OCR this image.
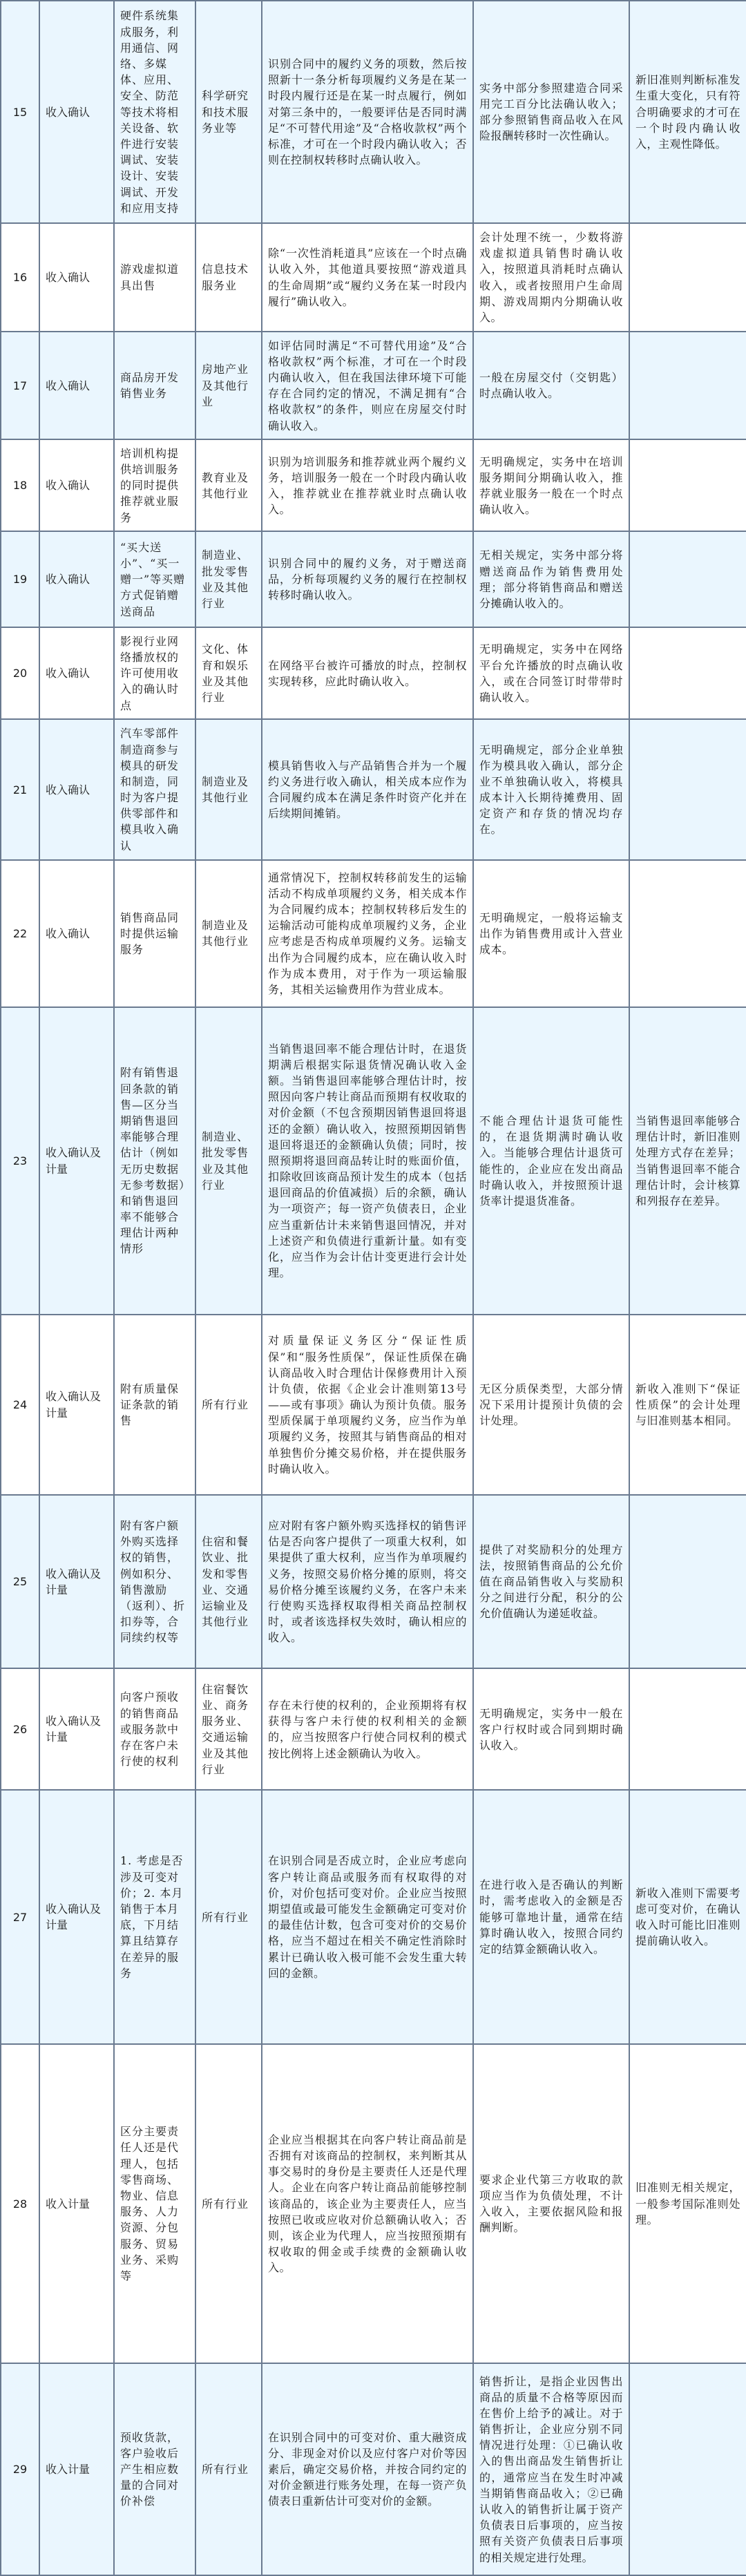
15	收入确认	硬件系统集成服务，利用通信、网络、多媒体、应用、安全、防范等技术将相关设备、软件进行安装调试、安装设计、安装调试、开发和应用支持	科学研究和技术服务业等	识别合同中的履约义务的项数，然后按照新十一条分析每项履约义务是在某一时段内履行还是在某一时点履行，例如对第三条中的，一般要评估是否同时满足“不可替代用途”及“合格收款权”两个标准，才可在一个时段内确认收入；否则在控制权转移时点确认收入。	实务中部分参照建造合同采用完工百分比法确认收入；部分参照销售商品收入在风险报酬转移时一次性确认。	新旧准则判断标准发生重大变化，只有符合明确要求的才可在一个时段内确认收入，主观性降低。
16	收入确认	游戏虚拟道具出售	信息技术服务业	除“一次性消耗道具”应该在一个时点确认收入外，其他道具要按照“游戏道具的生命周期”或“履约义务在某一时段内履行”确认收入。	会计处理不统一，少数将游戏虚拟道具销售时确认收入，按照道具消耗时点确认收入，或者按照用户生命周期、游戏周期内分期确认收入。	
17	收入确认	商品房开发销售业务	房地产业及其他行业	如评估同时满足“不可替代用途”及“合格收款权”两个标准，才可在一个时段内确认收入，但在我国法律环境下可能存在合同约定的情况，不满足拥有“合格收款权”的条件，则应在房屋交付时确认收入。	一般在房屋交付（交钥匙）时点确认收入。	
18	收入确认	培训机构提供培训服务的同时提供推荐就业服务	教育业及其他行业	识别为培训服务和推荐就业两个履约义务，培训服务一般在一个时段内确认收入，推荐就业在推荐就业时点确认收入。	无明确规定，实务中在培训服务期间分期确认收入，推荐就业服务一般在一个时点确认收入。	
19	收入确认	“买大送小”、“买一赠一”等买赠方式促销赠送商品	制造业、批发零售业及其他行业	识别合同中的履约义务，对于赠送商品，分析每项履约义务的履行在控制权转移时确认收入。	无相关规定，实务中部分将赠送商品作为销售费用处理；部分将销售商品和赠送分摊确认收入的。	
20	收入确认	影视行业网络播放权的许可使用收入的确认时点	文化、体育和娱乐业及其他行业	在网络平台被许可播放的时点，控制权实现转移，应此时确认收入。	无明确规定，实务中在网络平台允许播放的时点确认收入，或在合同签订时带带时确认收入。	
21	收入确认	汽车零部件制造商参与模具的研发和制造，同时为客户提供零部件和模具收入确认	制造业及其他行业	模具销售收入与产品销售合并为一个履约义务进行收入确认，相关成本应作为合同履约成本在满足条件时资产化并在后续期间摊销。	无明确规定，部分企业单独作为模具收入确认，部分企业不单独确认收入，将模具成本计入长期待摊费用、固定资产和存货的情况均存在。	
22	收入确认	销售商品同时提供运输服务	制造业及其他行业	通常情况下，控制权转移前发生的运输活动不构成单项履约义务，相关成本作为合同履约成本；控制权转移后发生的运输活动可能构成单项履约义务，企业应考虑是否构成单项履约义务。运输支出作为合同履约成本，应在确认收入时作为成本费用，对于作为一项运输服务，其相关运输费用作为营业成本。	无明确规定，一般将运输支出作为销售费用或计入营业成本。	
23	收入确认及计量	附有销售退回条款的销售—区分当期销售退回率能够合理估计（例如无历史数据无参考数据）和销售退回率不能够合理估计两种情形	制造业、批发零售业及其他行业	当销售退回率不能合理估计时，在退货期满后根据实际退货情况确认收入金额。当销售退回率能够合理估计时，按照因向客户转让商品而预期有权收取的对价金额（不包含预期因销售退回将退还的金额）确认收入，按照预期因销售退回将退还的金额确认负债；同时，按照预期将退回商品转让时的账面价值，扣除收回该商品预计发生的成本（包括退回商品的价值减损）后的余额，确认为一项资产；每一资产负债表日，企业应当重新估计未来销售退回情况，并对上述资产和负债进行重新计量。如有变化，应当作为会计估计变更进行会计处理。	不能合理估计退货可能性的，在退货期满时确认收入。当能够合理估计退货可能性的，企业应在发出商品时确认收入，并按照预计退货率计提退货准备。	当销售退回率能够合理估计时，新旧准则处理方式存在差异；当销售退回率不能合理估计时，会计核算和列报存在差异。
24	收入确认及计量	附有质量保证条款的销售	所有行业	对质量保证义务区分“保证性质保”和“服务性质保”，保证性质保在确认商品收入时合理估计保修费用计入预计负债，依据《企业会计准则第13号——或有事项》确认为预计负债。服务型质保属于单项履约义务，应当作为单项履约义务，按照其与销售商品的相对单独售价分摊交易价格，并在提供服务时确认收入。	无区分质保类型，大部分情况下采用计提预计负债的会计处理。	新收入准则下“保证性质保”的会计处理与旧准则基本相同。
25	收入确认及计量	附有客户额外购买选择权的销售，例如积分、销售激励（返利）、折扣券等，合同续约权等	住宿和餐饮业、批发和零售业、交通运输业及其他行业	应对附有客户额外购买选择权的销售评估是否向客户提供了一项重大权利，如果提供了重大权利，应当作为单项履约义务，按照交易价格分摊的原则，将交易价格分摊至该履约义务，在客户未来行使购买选择权取得相关商品控制权时，或者该选择权失效时，确认相应的收入。	提供了对奖励积分的处理方法，按照销售商品的公允价值在商品销售收入与奖励积分之间进行分配，积分的公允价值确认为递延收益。	
26	收入确认及计量	向客户预收的销售商品或服务款中存在客户未行使的权利	住宿餐饮业、商务服务业、交通运输业及其他行业	存在未行使的权利的，企业预期将有权获得与客户未行使的权利相关的金额的，应当按照客户行使合同权利的模式按比例将上述金额确认为收入。	无明确规定，实务中一般在客户行权时或合同到期时确认收入。	
27	收入确认及计量	1. 考虑是否涉及可变对价；2. 本月销售于本月底，下月结算且结算存在差异的服务	所有行业	在识别合同是否成立时，企业应考虑向客户转让商品或服务而有权取得的对价，对价包括可变对价。企业应当按照期望值或最可能发生金额确定可变对价的最佳估计数，包含可变对价的交易价格，应当不超过在相关不确定性消除时累计已确认收入极可能不会发生重大转回的金额。	在进行收入是否确认的判断时，需考虑收入的金额是否能够可靠地计量，通常在结算时确认收入，按照合同约定的结算金额确认收入。	新收入准则下需要考虑可变对价，在确认收入时可能比旧准则提前确认收入。
28	收入计量	区分主要责任人还是代理人，包括零售商场、物业、信息服务、人力资源、分包服务、贸易业务、采购等	所有行业	企业应当根据其在向客户转让商品前是否拥有对该商品的控制权，来判断其从事交易时的身份是主要责任人还是代理人。企业在向客户转让商品前能够控制该商品的，该企业为主要责任人，应当按照已收或应收对价总额确认收入；否则，该企业为代理人，应当按照预期有权收取的佣金或手续费的金额确认收入。	要求企业代第三方收取的款项应当作为负债处理，不计入收入，主要依据风险和报酬判断。	旧准则无相关规定，一般参考国际准则处理。
29	收入计量	预收货款，客户验收后产生相应数量的合同对价补偿	所有行业	在识别合同中的可变对价、重大融资成分、非现金对价以及应付客户对价等因素后，确定交易价格，并按合同约定的对价金额进行账务处理，在每一资产负债表日重新估计可变对价的金额。	销售折让，是指企业因售出商品的质量不合格等原因而在售价上给予的减让。对于销售折让，企业应分别不同情况进行处理：①已确认收入的售出商品发生销售折让的，通常应当在发生时冲减当期销售商品收入；②已确认收入的销售折让属于资产负债表日后事项的，应当按照有关资产负债表日后事项的相关规定进行处理。	
